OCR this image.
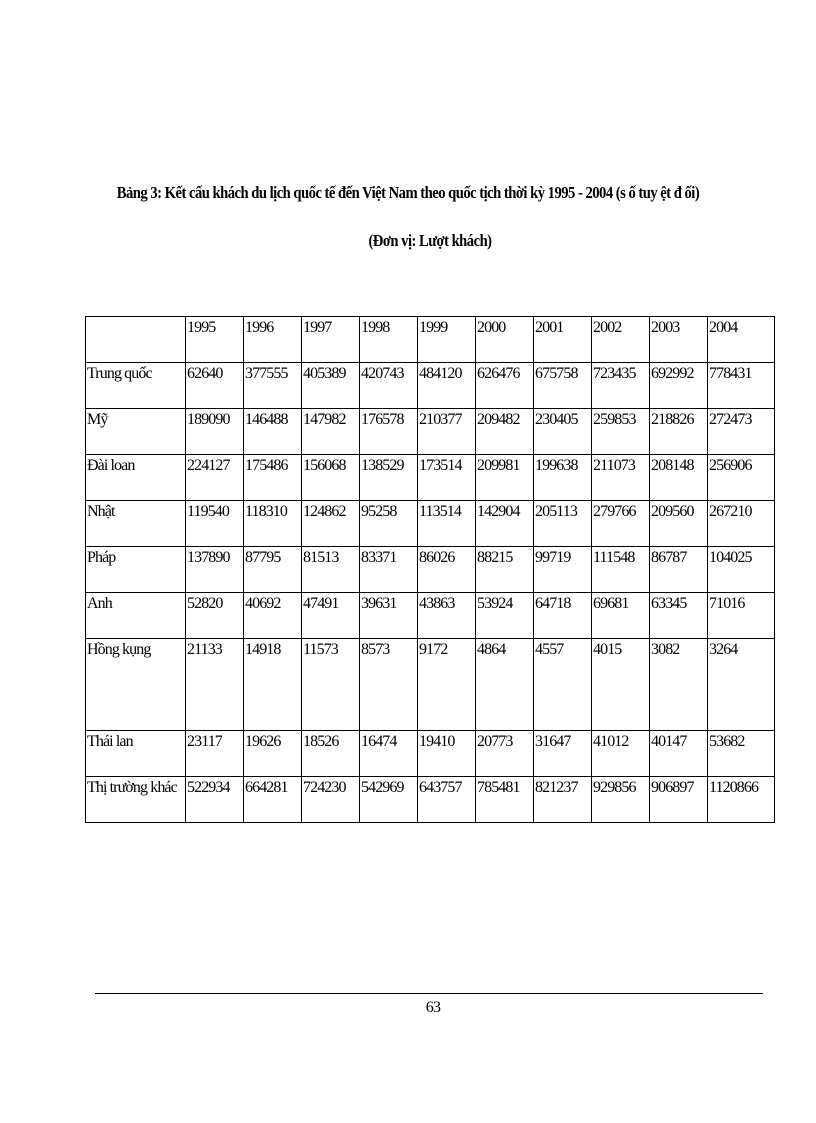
Bảng 3: Kết cấu khách du lịch quốc tế đến Việt Nam theo quốc tịch thời kỳ 1995 - 2004 (s ố tuy ệt đ ối)
(Đơn vị: Lượt khách)
	1995	1996	1997	1998	1999	2000	2001	2002	2003	2004
Trung quốc	62640	377555	405389	420743	484120	626476	675758	723435	692992	778431
Mỹ	189090	146488	147982	176578	210377	209482	230405	259853	218826	272473
Đài loan	224127	175486	156068	138529	173514	209981	199638	211073	208148	256906
Nhật	119540	118310	124862	95258	113514	142904	205113	279766	209560	267210
Pháp	137890	87795	81513	83371	86026	88215	99719	111548	86787	104025
Anh	52820	40692	47491	39631	43863	53924	64718	69681	63345	71016
Hồng kụng	21133	14918	11573	8573	9172	4864	4557	4015	3082	3264
Thái lan	23117	19626	18526	16474	19410	20773	31647	41012	40147	53682
Thị trường khác	522934	664281	724230	542969	643757	785481	821237	929856	906897	1120866
63
